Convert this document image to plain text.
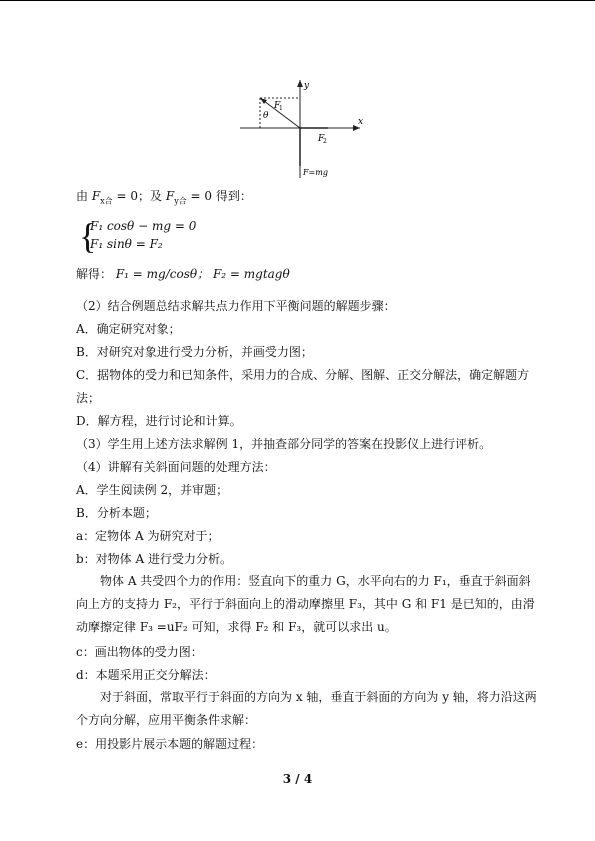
y
x
F
1
θ
F
2
F=mg
由 $F_{x合} = 0$；及 $F_{y合} = 0$ 得到：
{
F₁ cosθ − mg = 0
F₁ sinθ = F₂
解得： F₁ = mg/cosθ； F₂ = mgtagθ
（2）结合例题总结求解共点力作用下平衡问题的解题步骤：
A．确定研究对象；
B．对研究对象进行受力分析，并画受力图；
C．据物体的受力和已知条件，采用力的合成、分解、图解、正交分解法，确定解题方
法；
D．解方程，进行讨论和计算。
（3）学生用上述方法求解例 1，并抽查部分同学的答案在投影仪上进行评析。
（4）讲解有关斜面问题的处理方法：
A．学生阅读例 2，并审题；
B．分析本题；
a：定物体 A 为研究对于；
b：对物体 A 进行受力分析。
物体 A 共受四个力的作用：竖直向下的重力 G，水平向右的力 F₁，垂直于斜面斜向上方的支持力 F₂，平行于斜面向上的滑动摩擦里 F₃，其中 G 和 F1 是已知的，由滑动摩擦定律 F₃ =uF₂ 可知，求得 F₂ 和 F₃，就可以求出 u。
c：画出物体的受力图：
d：本题采用正交分解法：
对于斜面，常取平行于斜面的方向为 x 轴，垂直于斜面的方向为 y 轴，将力沿这两个方向分解，应用平衡条件求解：
e：用投影片展示本题的解题过程：
3 / 4
